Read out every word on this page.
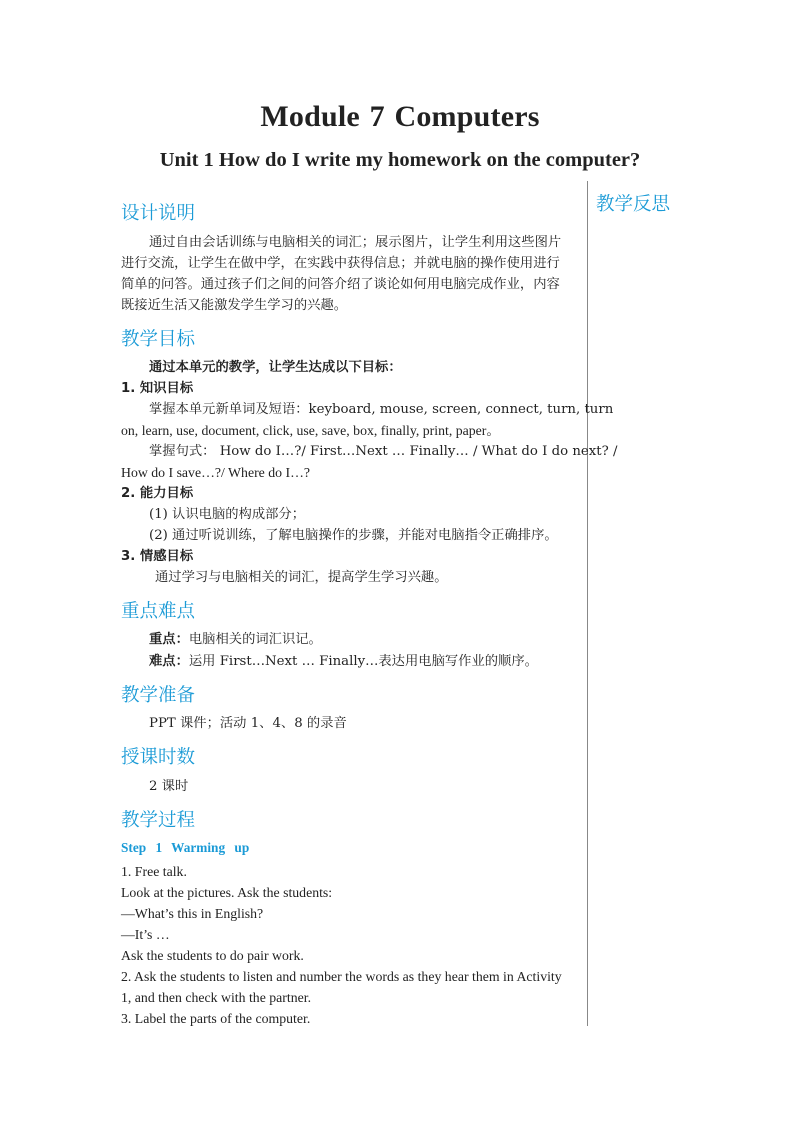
Module 7 Computers
Unit 1 How do I write my homework on the computer?
教学反思
设计说明
通过自由会话训练与电脑相关的词汇；展示图片，让学生利用这些图片
进行交流，让学生在做中学，在实践中获得信息；并就电脑的操作使用进行
简单的问答。通过孩子们之间的问答介绍了谈论如何用电脑完成作业，内容
既接近生活又能激发学生学习的兴趣。
教学目标
通过本单元的教学，让学生达成以下目标：
1. 知识目标
掌握本单元新单词及短语：keyboard, mouse, screen, connect, turn, turn
on, learn, use, document, click, use, save, box, finally, print, paper。
掌握句式： How do I…?/ First…Next … Finally… / What do I do next? /
How do I save…?/ Where do I…?
2. 能力目标
(1) 认识电脑的构成部分；
(2) 通过听说训练，了解电脑操作的步骤，并能对电脑指令正确排序。
3. 情感目标
通过学习与电脑相关的词汇，提高学生学习兴趣。
重点难点
重点：电脑相关的词汇识记。
难点：运用 First…Next … Finally…表达用电脑写作业的顺序。
教学准备
PPT 课件；活动 1、4、8 的录音
授课时数
2 课时
教学过程
Step 1 Warming up
1. Free talk.
Look at the pictures. Ask the students:
—What’s this in English?
—It’s …
Ask the students to do pair work.
2. Ask the students to listen and number the words as they hear them in Activity
1, and then check with the partner.
3. Label the parts of the computer.
